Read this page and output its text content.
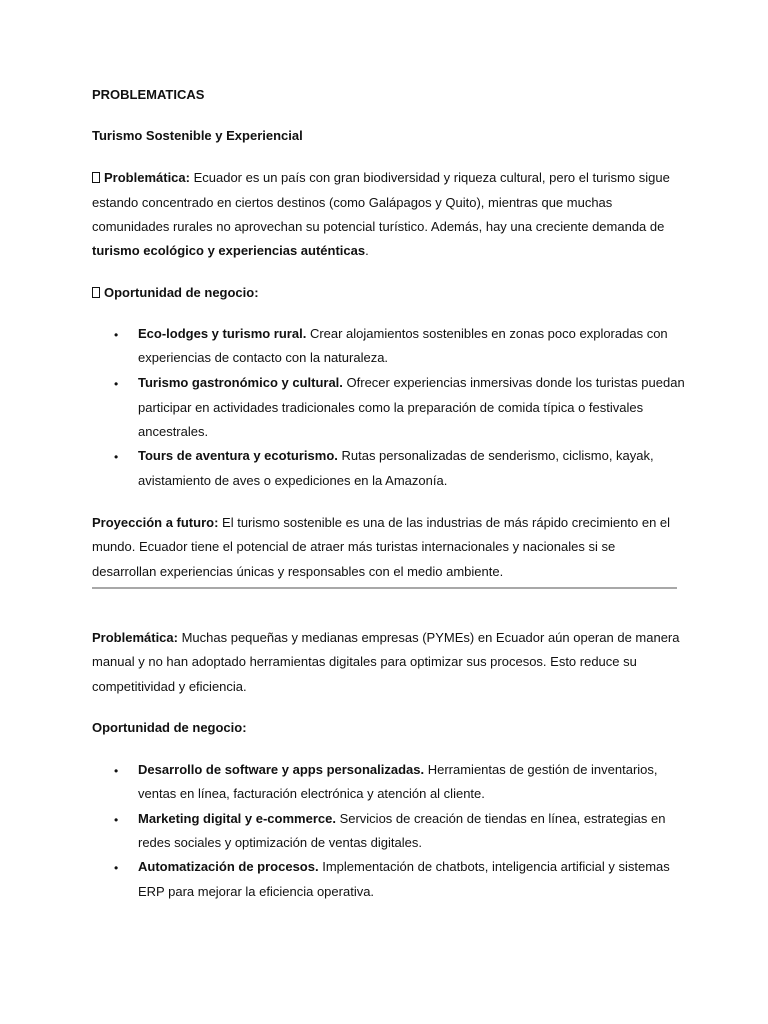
PROBLEMATICAS
Turismo Sostenible y Experiencial
Problemática: Ecuador es un país con gran biodiversidad y riqueza cultural, pero el turismo sigue
estando concentrado en ciertos destinos (como Galápagos y Quito), mientras que muchas
comunidades rurales no aprovechan su potencial turístico. Además, hay una creciente demanda de
turismo ecológico y experiencias auténticas.
Oportunidad de negocio:
• Eco-lodges y turismo rural. Crear alojamientos sostenibles en zonas poco exploradas con
experiencias de contacto con la naturaleza.
• Turismo gastronómico y cultural. Ofrecer experiencias inmersivas donde los turistas puedan
participar en actividades tradicionales como la preparación de comida típica o festivales
ancestrales.
• Tours de aventura y ecoturismo. Rutas personalizadas de senderismo, ciclismo, kayak,
avistamiento de aves o expediciones en la Amazonía.
Proyección a futuro: El turismo sostenible es una de las industrias de más rápido crecimiento en el
mundo. Ecuador tiene el potencial de atraer más turistas internacionales y nacionales si se
desarrollan experiencias únicas y responsables con el medio ambiente.
Problemática: Muchas pequeñas y medianas empresas (PYMEs) en Ecuador aún operan de manera
manual y no han adoptado herramientas digitales para optimizar sus procesos. Esto reduce su
competitividad y eficiencia.
Oportunidad de negocio:
• Desarrollo de software y apps personalizadas. Herramientas de gestión de inventarios,
ventas en línea, facturación electrónica y atención al cliente.
• Marketing digital y e-commerce. Servicios de creación de tiendas en línea, estrategias en
redes sociales y optimización de ventas digitales.
• Automatización de procesos. Implementación de chatbots, inteligencia artificial y sistemas
ERP para mejorar la eficiencia operativa.
